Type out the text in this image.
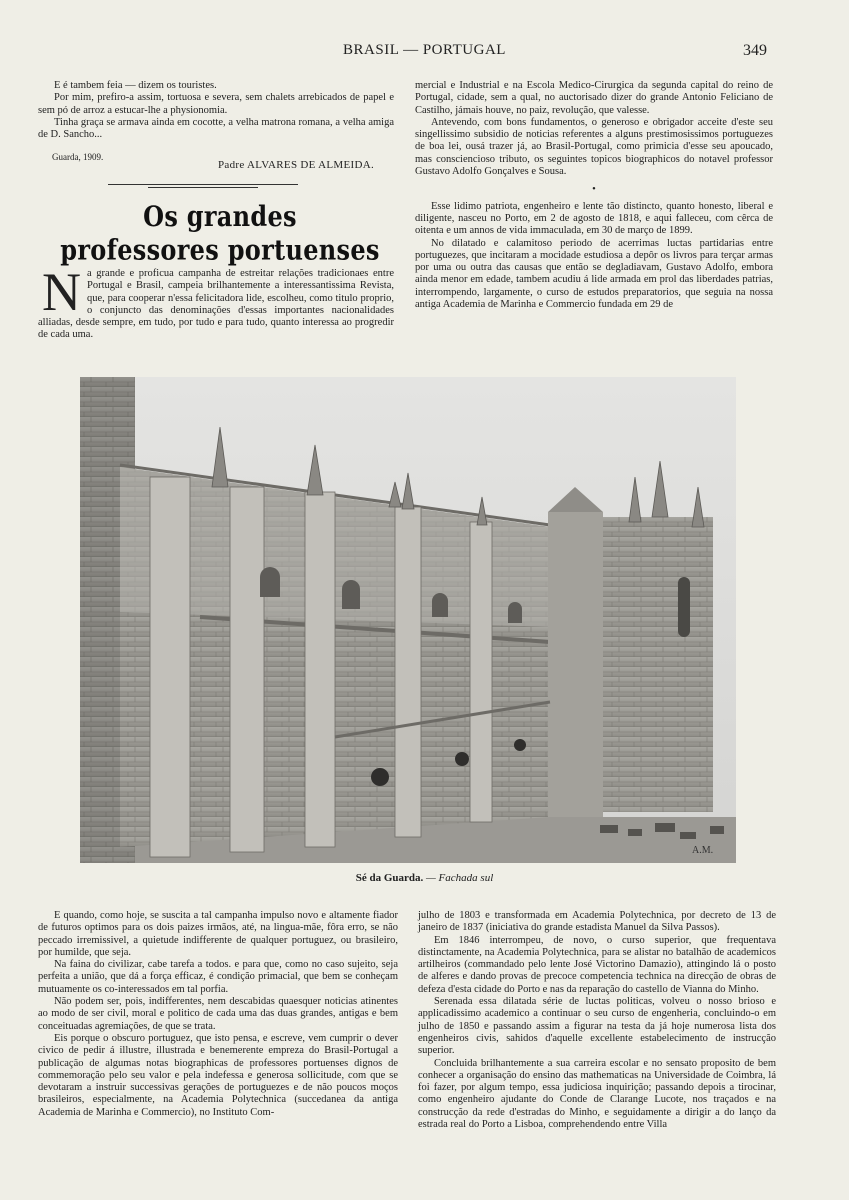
BRASIL — PORTUGAL	349

E é tambem feia — dizem os touristes.

Por mim, prefiro-a assim, tortuosa e severa, sem chalets arrebicados de papel e sem pó de arroz a estucar-lhe a physionomia.

Tinha graça se armava ainda em cocotte, a velha matrona romana, a velha amiga de D. Sancho...

Guarda, 1909.
Padre ALVARES DE ALMEIDA.
Os grandes professores portuenses
N a grande e proficua campanha de estreitar relações tradicionaes entre Portugal e Brasil, campeia brilhantemente a interessantissima Revista, que, para cooperar n'essa felicitadora lide, escolheu, como titulo proprio, o conjuncto das denominações d'essas importantes nacionalidades alliadas, desde sempre, em tudo, por tudo e para tudo, quanto interessa ao progredir de cada uma.

mercial e Industrial e na Escola Medico-Cirurgica da segunda capital do reino de Portugal, cidade, sem a qual, no auctorisado dizer do grande Antonio Feliciano de Castilho, jámais houve, no paiz, revolução, que valesse.

Antevendo, com bons fundamentos, o generoso e obrigador acceite d'este seu singellissimo subsidio de noticias referentes a alguns prestimosissimos portuguezes de boa lei, ousá trazer já, ao Brasil-Portugal, como primicia d'esse seu apoucado, mas consciencioso tributo, os seguintes topicos biographicos do notavel professor Gustavo Adolfo Gonçalves e Sousa.

•

Esse lidimo patriota, engenheiro e lente tão distincto, quanto honesto, liberal e diligente, nasceu no Porto, em 2 de agosto de 1818, e aqui falleceu, com cêrca de oitenta e um annos de vida immaculada, em 30 de março de 1899.

No dilatado e calamitoso periodo de acerrimas luctas partidarias entre portuguezes, que incitaram a mocidade estudiosa a depôr os livros para terçar armas por uma ou outra das causas que então se degladiavam, Gustavo Adolfo, embora ainda menor em edade, tambem acudiu á lide armada em prol das liberdades patrias, interrompendo, largamente, o curso de estudos preparatorios, que seguia na nossa antiga Academia de Marinha e Commercio fundada em 29 de

A.M.
Sé da Guarda. — Fachada sul

E quando, como hoje, se suscita a tal campanha impulso novo e altamente fiador de futuros optimos para os dois paizes irmãos, até, na lingua-mãe, fôra erro, se não peccado irremissivel, a quietude indifferente de qualquer portuguez, ou brasileiro, por humilde, que seja.

Na faina do civilizar, cabe tarefa a todos. e para que, como no caso sujeito, seja perfeita a união, que dá a força efficaz, é condição primacial, que bem se conheçam mutuamente os co-interessados em tal porfia.

Não podem ser, pois, indifferentes, nem descabidas quaesquer noticias atinentes ao modo de ser civil, moral e politico de cada uma das duas grandes, antigas e bem conceituadas agremiações, de que se trata.

Eis porque o obscuro portuguez, que isto pensa, e escreve, vem cumprir o dever civico de pedir á illustre, illustrada e benemerente empreza do Brasil-Portugal a publicação de algumas notas biographicas de professores portuenses dignos de commemoração pelo seu valor e pela indefessa e generosa sollicitude, com que se devotaram a instruir successivas gerações de portuguezes e de não poucos moços brasileiros, especialmente, na Academia Polytechnica (succedanea da antiga Academia de Marinha e Commercio), no Instituto Com-

julho de 1803 e transformada em Academia Polytechnica, por decreto de 13 de janeiro de 1837 (iniciativa do grande estadista Manuel da Silva Passos).

Em 1846 interrompeu, de novo, o curso superior, que frequentava distinctamente, na Academia Polytechnica, para se alistar no batalhão de academicos artilheiros (commandado pelo lente José Victorino Damazio), attingindo lá o posto de alferes e dando provas de precoce competencia technica na direcção de obras de defeza d'esta cidade do Porto e nas da reparação do castello de Vianna do Minho.

Serenada essa dilatada série de luctas politicas, volveu o nosso brioso e applicadissimo academico a continuar o seu curso de engenheria, concluindo-o em julho de 1850 e passando assim a figurar na testa da já hoje numerosa lista dos engenheiros civis, sahidos d'aquelle excellente estabelecimento de instrucção superior.

Concluida brilhantemente a sua carreira escolar e no sensato proposito de bem conhecer a organisação do ensino das mathematicas na Universidade de Coimbra, lá foi fazer, por algum tempo, essa judiciosa inquirição; passando depois a tirocinar, como engenheiro ajudante do Conde de Clarange Lucote, nos traçados e na construcção da rede d'estradas do Minho, e seguidamente a dirigir a do lanço da estrada real do Porto a Lisboa, comprehendendo entre Villa
